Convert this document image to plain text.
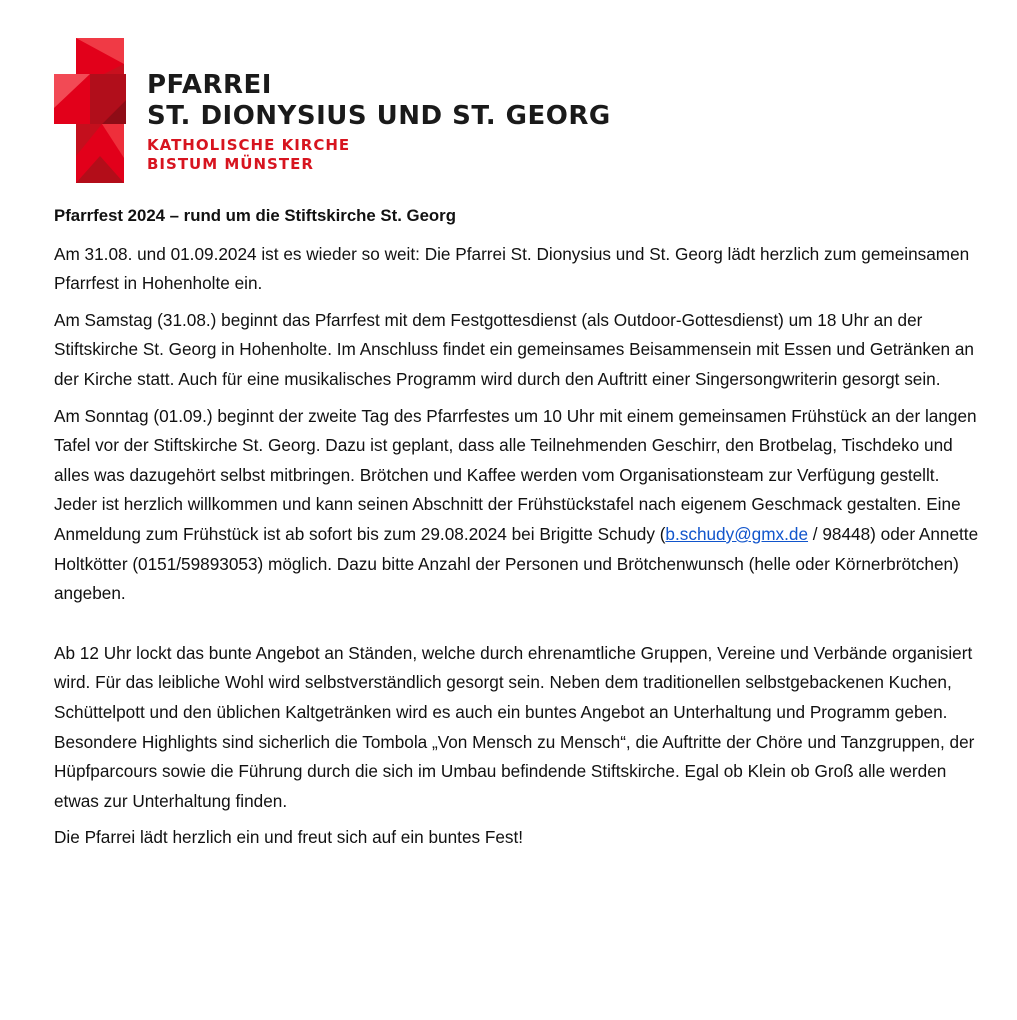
PFARREI
ST. DIONYSIUS UND ST. GEORG
KATHOLISCHE KIRCHE
BISTUM MÜNSTER

Pfarrfest 2024 – rund um die Stiftskirche St. Georg

Am 31.08. und 01.09.2024 ist es wieder so weit: Die Pfarrei St. Dionysius und St. Georg lädt herzlich zum gemeinsamen Pfarrfest in Hohenholte ein.

Am Samstag (31.08.) beginnt das Pfarrfest mit dem Festgottesdienst (als Outdoor-Gottesdienst) um 18 Uhr an der Stiftskirche St. Georg in Hohenholte. Im Anschluss findet ein gemeinsames Beisammensein mit Essen und Getränken an der Kirche statt. Auch für eine musikalisches Programm wird durch den Auftritt einer Singersongwriterin gesorgt sein.

Am Sonntag (01.09.) beginnt der zweite Tag des Pfarrfestes um 10 Uhr mit einem gemeinsamen Frühstück an der langen Tafel vor der Stiftskirche St. Georg. Dazu ist geplant, dass alle Teilnehmenden Geschirr, den Brotbelag, Tischdeko und alles was dazugehört selbst mitbringen. Brötchen und Kaffee werden vom Organisationsteam zur Verfügung gestellt. Jeder ist herzlich willkommen und kann seinen Abschnitt der Frühstückstafel nach eigenem Geschmack gestalten. Eine Anmeldung zum Frühstück ist ab sofort bis zum 29.08.2024 bei Brigitte Schudy (b.schudy@gmx.de / 98448) oder Annette Holtkötter (0151/59893053) möglich. Dazu bitte Anzahl der Personen und Brötchenwunsch (helle oder Körnerbrötchen) angeben.

Ab 12 Uhr lockt das bunte Angebot an Ständen, welche durch ehrenamtliche Gruppen, Vereine und Verbände organisiert wird. Für das leibliche Wohl wird selbstverständlich gesorgt sein. Neben dem traditionellen selbstgebackenen Kuchen, Schüttelpott und den üblichen Kaltgetränken wird es auch ein buntes Angebot an Unterhaltung und Programm geben. Besondere Highlights sind sicherlich die Tombola „Von Mensch zu Mensch“, die Auftritte der Chöre und Tanzgruppen, der Hüpfparcours sowie die Führung durch die sich im Umbau befindende Stiftskirche. Egal ob Klein ob Groß alle werden etwas zur Unterhaltung finden.

Die Pfarrei lädt herzlich ein und freut sich auf ein buntes Fest!
